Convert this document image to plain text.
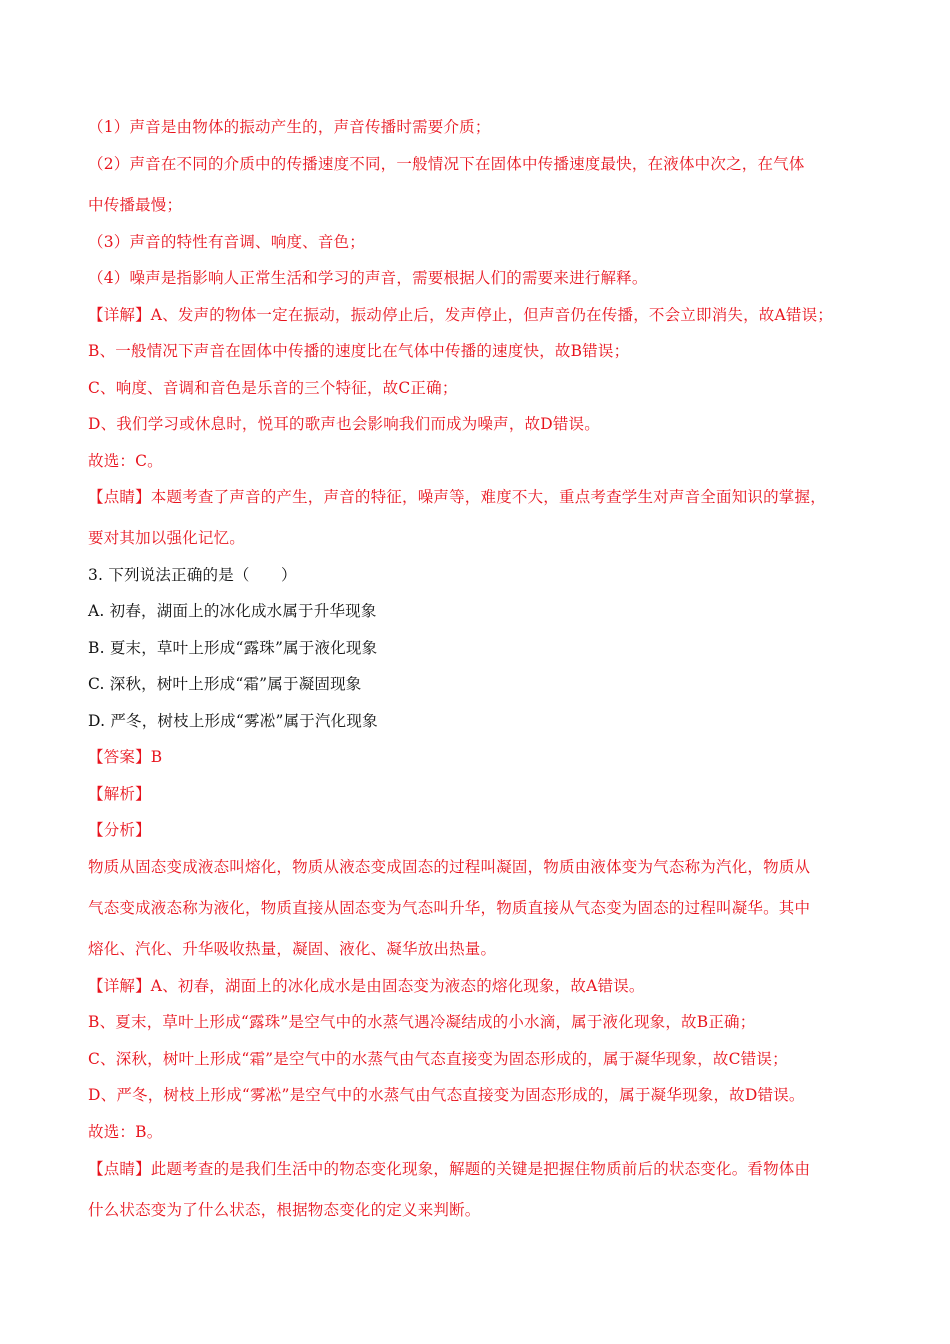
（1）声音是由物体的振动产生的，声音传播时需要介质；
（2）声音在不同的介质中的传播速度不同，一般情况下在固体中传播速度最快，在液体中次之，在气体
中传播最慢；
（3）声音的特性有音调、响度、音色；
（4）噪声是指影响人正常生活和学习的声音，需要根据人们的需要来进行解释。
【详解】A、发声的物体一定在振动，振动停止后，发声停止，但声音仍在传播，不会立即消失，故A错误；
B、一般情况下声音在固体中传播的速度比在气体中传播的速度快，故B错误；
C、响度、音调和音色是乐音的三个特征，故C正确；
D、我们学习或休息时，悦耳的歌声也会影响我们而成为噪声，故D错误。
故选：C。
【点睛】本题考查了声音的产生，声音的特征，噪声等，难度不大，重点考查学生对声音全面知识的掌握，
要对其加以强化记忆。
3. 下列说法正确的是（　　）
A. 初春，湖面上的冰化成水属于升华现象
B. 夏末，草叶上形成“露珠”属于液化现象
C. 深秋，树叶上形成“霜”属于凝固现象
D. 严冬，树枝上形成“雾凇”属于汽化现象
【答案】B
【解析】
【分析】
物质从固态变成液态叫熔化，物质从液态变成固态的过程叫凝固，物质由液体变为气态称为汽化，物质从
气态变成液态称为液化，物质直接从固态变为气态叫升华，物质直接从气态变为固态的过程叫凝华。其中
熔化、汽化、升华吸收热量，凝固、液化、凝华放出热量。
【详解】A、初春，湖面上的冰化成水是由固态变为液态的熔化现象，故A错误。
B、夏末，草叶上形成“露珠”是空气中的水蒸气遇冷凝结成的小水滴，属于液化现象，故B正确；
C、深秋，树叶上形成“霜”是空气中的水蒸气由气态直接变为固态形成的，属于凝华现象，故C错误；
D、严冬，树枝上形成“雾凇”是空气中的水蒸气由气态直接变为固态形成的，属于凝华现象，故D错误。
故选：B。
【点睛】此题考查的是我们生活中的物态变化现象，解题的关键是把握住物质前后的状态变化。看物体由
什么状态变为了什么状态，根据物态变化的定义来判断。
